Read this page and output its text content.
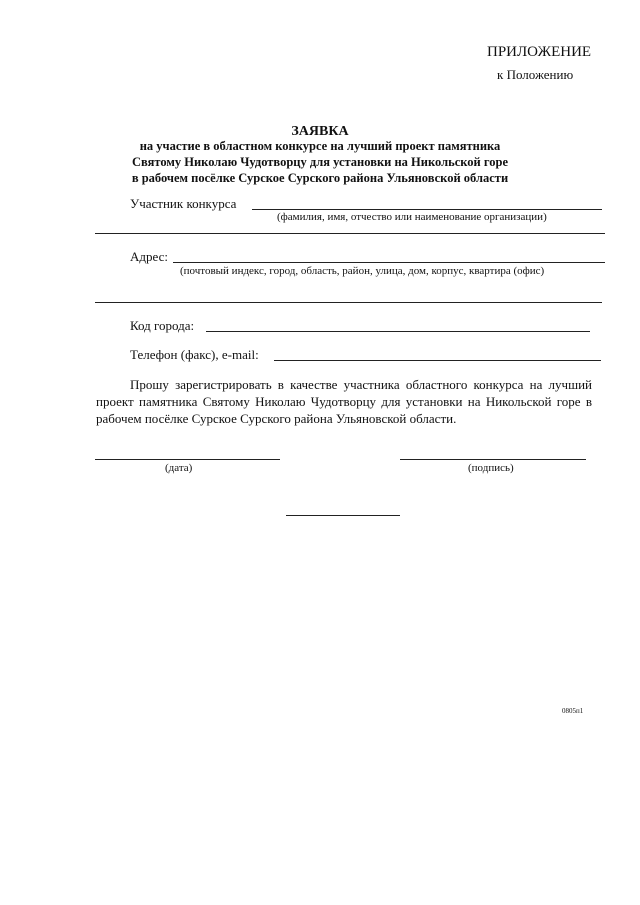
ПРИЛОЖЕНИЕ
к Положению
ЗАЯВКА
на участие в областном конкурсе на лучший проект памятника
Святому Николаю Чудотворцу для установки на Никольской горе
в рабочем посёлке Сурское Сурского района Ульяновской области
Участник конкурса
(фамилия, имя, отчество или наименование организации)
Адрес:
(почтовый индекс, город, область, район, улица, дом, корпус, квартира (офис)
Код города:
Телефон (факс), e-mail:
Прошу зарегистрировать в качестве участника областного конкурса на лучший проект памятника Святому Николаю Чудотворцу для установки на Никольской горе в рабочем посёлке Сурское Сурского района Ульяновской области.
(дата)	(подпись)
0805п1
